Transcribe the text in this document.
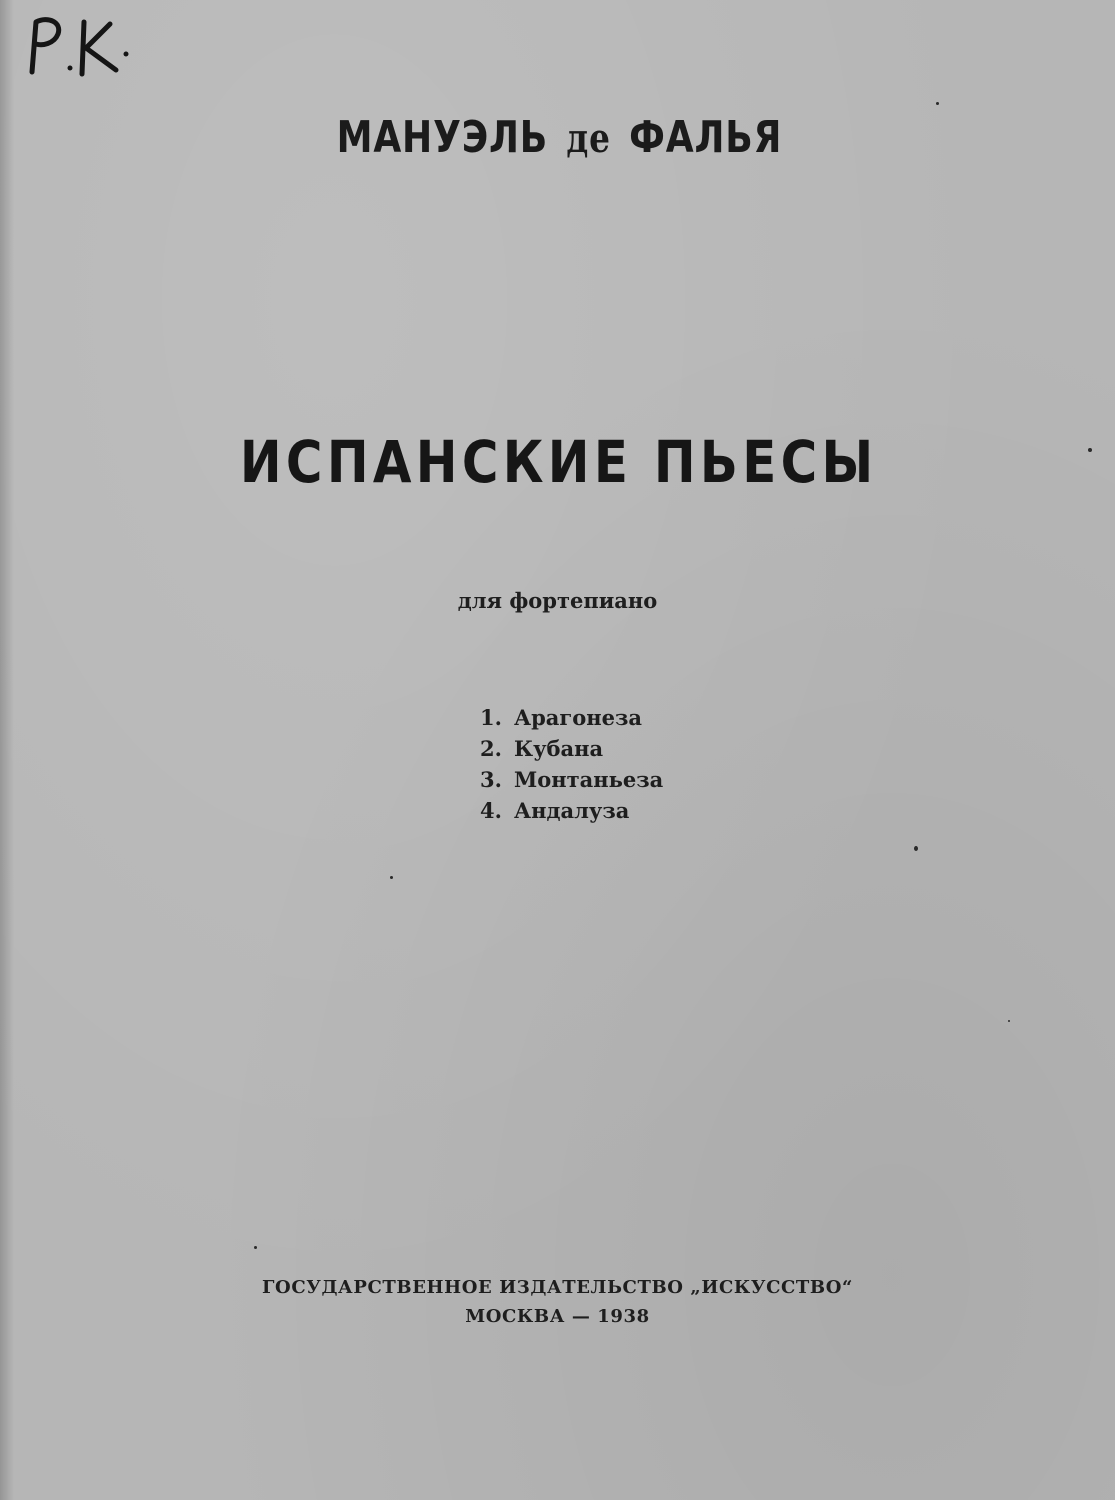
МАНУЭЛЬ де ФАЛЬЯ
ИСПАНСКИЕ ПЬЕСЫ
для фортепиано
1. Арагонеза
2. Кубана
3. Монтаньеза
4. Андалуза
ГОСУДАРСТВЕННОЕ ИЗДАТЕЛЬСТВО „ИСКУССТВО“
МОСКВА — 1938
